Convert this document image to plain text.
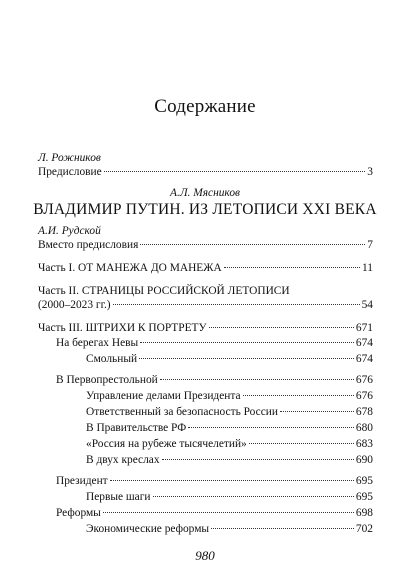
Содержание
Л. Рожников
Предисловие	3
А.Л. Мясников
ВЛАДИМИР ПУТИН. ИЗ ЛЕТОПИСИ XXI ВЕКА
А.И. Рудской
Вместо предисловия	7
Часть I. ОТ МАНЕЖА ДО МАНЕЖА	11
Часть II. СТРАНИЦЫ РОССИЙСКОЙ ЛЕТОПИСИ
(2000–2023 гг.)	54
Часть III. ШТРИХИ К ПОРТРЕТУ	671
На берегах Невы	674
Смольный	674
В Первопрестольной	676
Управление делами Президента	676
Ответственный за безопасность России	678
В Правительстве РФ	680
«Россия на рубеже тысячелетий»	683
В двух креслах	690
Президент	695
Первые шаги	695
Реформы	698
Экономические реформы	702
980
